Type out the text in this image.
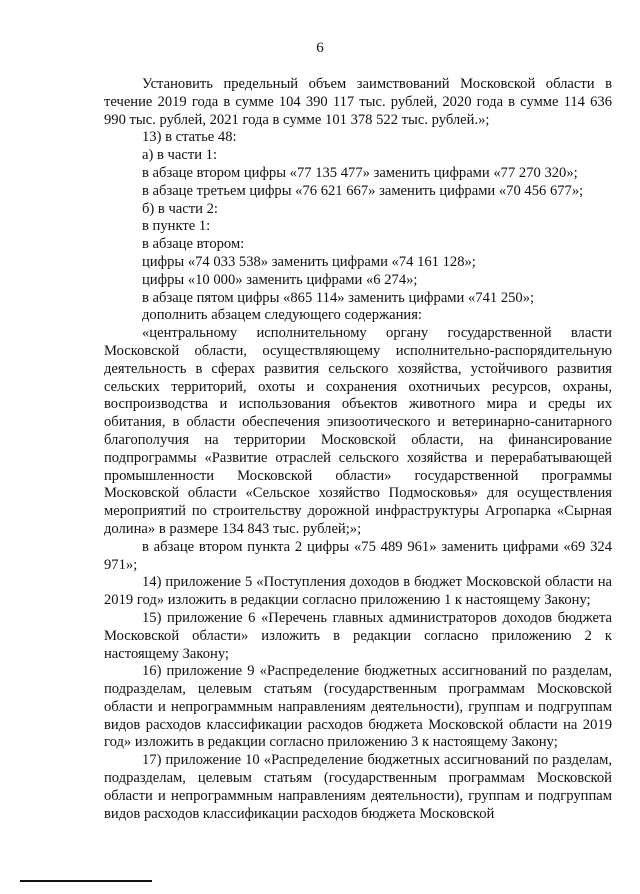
6

Установить предельный объем заимствований Московской области в течение 2019 года в сумме 104 390 117 тыс. рублей, 2020 года в сумме 114 636 990 тыс. рублей, 2021 года в сумме 101 378 522 тыс. рублей.»;

13) в статье 48:

а) в части 1:

в абзаце втором цифры «77 135 477» заменить цифрами «77 270 320»;

в абзаце третьем цифры «76 621 667» заменить цифрами «70 456 677»;

б) в части 2:

в пункте 1:

в абзаце втором:

цифры «74 033 538» заменить цифрами «74 161 128»;

цифры «10 000» заменить цифрами «6 274»;

в абзаце пятом цифры «865 114» заменить цифрами «741 250»;

дополнить абзацем следующего содержания:

«центральному исполнительному органу государственной власти Московской области, осуществляющему исполнительно-распорядительную деятельность в сферах развития сельского хозяйства, устойчивого развития сельских территорий, охоты и сохранения охотничьих ресурсов, охраны, воспроизводства и использования объектов животного мира и среды их обитания, в области обеспечения эпизоотического и ветеринарно-санитарного благополучия на территории Московской области, на финансирование подпрограммы «Развитие отраслей сельского хозяйства и перерабатывающей промышленности Московской области» государственной программы Московской области «Сельское хозяйство Подмосковья» для осуществления мероприятий по строительству дорожной инфраструктуры Агропарка «Сырная долина» в размере 134 843 тыс. рублей;»;

в абзаце втором пункта 2 цифры «75 489 961» заменить цифрами «69 324 971»;

14) приложение 5 «Поступления доходов в бюджет Московской области на 2019 год» изложить в редакции согласно приложению 1 к настоящему Закону;

15) приложение 6 «Перечень главных администраторов доходов бюджета Московской области» изложить в редакции согласно приложению 2 к настоящему Закону;

16) приложение 9 «Распределение бюджетных ассигнований по разделам, подразделам, целевым статьям (государственным программам Московской области и непрограммным направлениям деятельности), группам и подгруппам видов расходов классификации расходов бюджета Московской области на 2019 год» изложить в редакции согласно приложению 3 к настоящему Закону;

17) приложение 10 «Распределение бюджетных ассигнований по разделам, подразделам, целевым статьям (государственным программам Московской области и непрограммным направлениям деятельности), группам и подгруппам видов расходов классификации расходов бюджета Московской
